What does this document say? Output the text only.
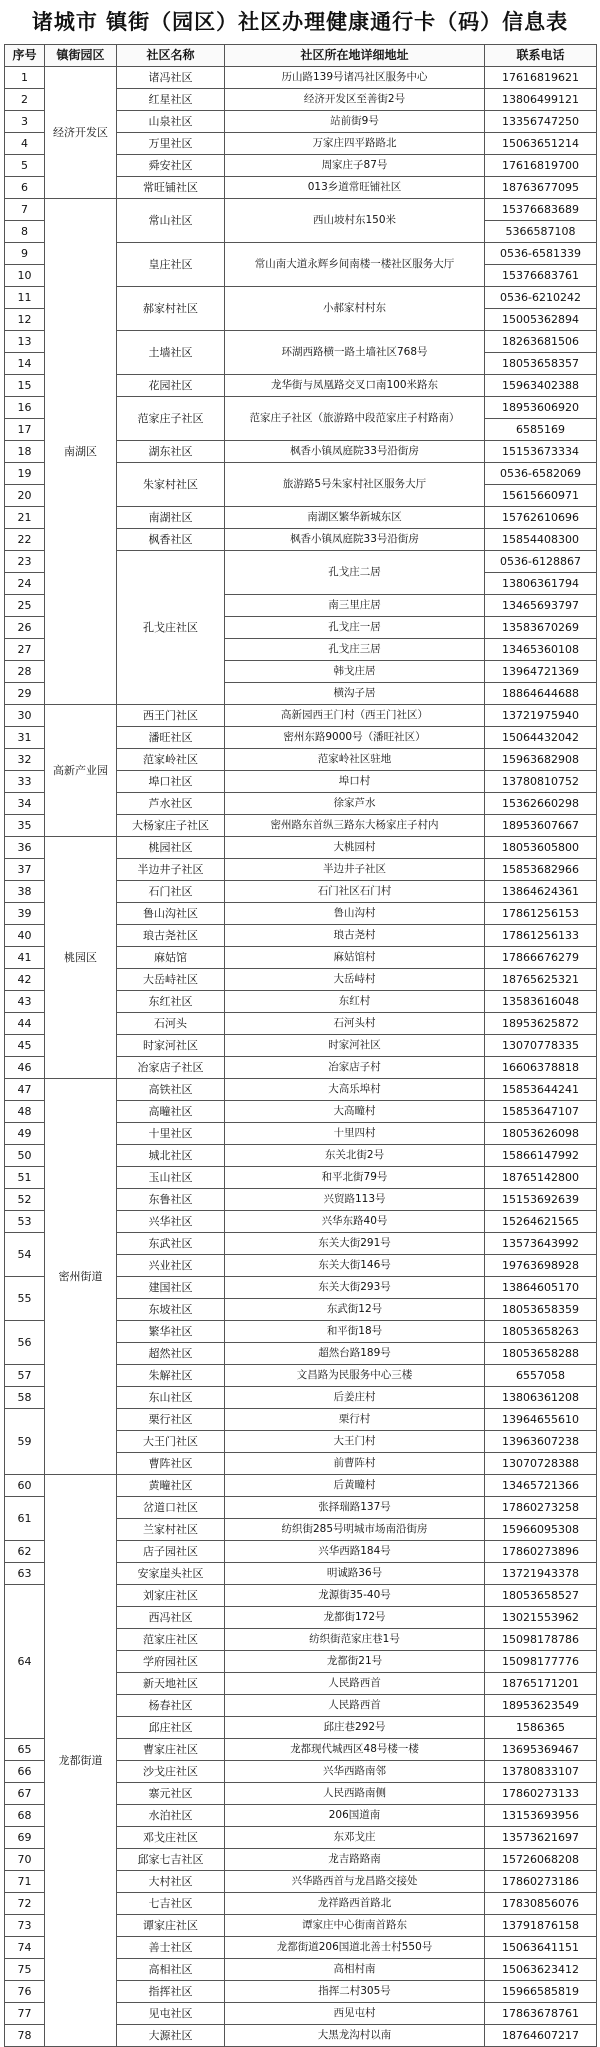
诸城市 镇街（园区）社区办理健康通行卡（码）信息表
序号	镇街园区	社区名称	社区所在地详细地址	联系电话
1	经济开发区	诸冯社区	历山路139号诸冯社区服务中心	17616819621
2		红星社区	经济开发区至善街2号	13806499121
3		山泉社区	站前街9号	13356747250
4		万里社区	万家庄四平路路北	15063651214
5		舜安社区	周家庄子87号	17616819700
6		常旺铺社区	013乡道常旺铺社区	18763677095
7	南湖区	常山社区	西山坡村东150米	15376683689
8				5366587108
9		皇庄社区	常山南大道永辉乡间南楼一楼社区服务大厅	0536-6581339
10				15376683761
11		郝家村社区	小郝家村村东	0536-6210242
12				15005362894
13		土墙社区	环湖西路横一路土墙社区768号	18263681506
14				18053658357
15		花园社区	龙华街与凤凰路交叉口南100米路东	15963402388
16		范家庄子社区	范家庄子社区（旅游路中段范家庄子村路南）	18953606920
17				6585169
18		湖东社区	枫香小镇凤庭院33号沿街房	15153673334
19		朱家村社区	旅游路5号朱家村社区服务大厅	0536-6582069
20				15615660971
21		南湖社区	南湖区繁华新城东区	15762610696
22		枫香社区	枫香小镇凤庭院33号沿街房	15854408300
23		孔戈庄社区	孔戈庄二居	0536-6128867
24				13806361794
25			南三里庄居	13465693797
26			孔戈庄一居	13583670269
27			孔戈庄三居	13465360108
28			韩戈庄居	13964721369
29			横沟子居	18864644688
30	高新产业园	西王门社区	高新园西王门村（西王门社区）	13721975940
31		潘旺社区	密州东路9000号（潘旺社区）	15064432042
32		范家岭社区	范家岭社区驻地	15963682908
33		埠口社区	埠口村	13780810752
34		芦水社区	徐家芦水	15362660298
35		大杨家庄子社区	密州路东首纵三路东大杨家庄子村内	18953607667
36	桃园区	桃园社区	大桃园村	18053605800
37		半边井子社区	半边井子社区	15853682966
38		石门社区	石门社区石门村	13864624361
39		鲁山沟社区	鲁山沟村	17861256153
40		琅古尧社区	琅古尧村	17861256133
41		麻姑馆	麻姑馆村	17866676279
42		大岳峙社区	大岳峙村	18765625321
43		东红社区	东红村	13583616048
44		石河头	石河头村	18953625872
45		时家河社区	时家河社区	13070778335
46		冶家店子社区	冶家店子村	16606378818
47	密州街道	高铁社区	大高乐埠村	15853644241
48		高疃社区	大高疃村	15853647107
49		十里社区	十里四村	18053626098
50		城北社区	东关北街2号	15866147992
51		玉山社区	和平北街79号	18765142800
52		东鲁社区	兴贸路113号	15153692639
53		兴华社区	兴华东路40号	15264621565
54		东武社区	东关大街291号	13573643992
		兴业社区	东关大街146号	19763698928
55		建国社区	东关大街293号	13864605170
		东坡社区	东武街12号	18053658359
56		繁华社区	和平街18号	18053658263
		超然社区	超然台路189号	18053658288
57		朱解社区	文昌路为民服务中心三楼	6557058
58		东山社区	后姜庄村	13806361208
59		栗行社区	栗行村	13964655610
		大王门社区	大王门村	13963607238
		曹阵社区	前曹阵村	13070728388
60	龙都街道	黄疃社区	后黄疃村	13465721366
61		岔道口社区	张择瑞路137号	17860273258
		兰家村社区	纺织街285号明城市场南沿街房	15966095308
62		店子园社区	兴华西路184号	17860273896
63		安家崖头社区	明诚路36号	13721943378
64		刘家庄社区	龙源街35-40号	18053658527
		西冯社区	龙都街172号	13021553962
		范家庄社区	纺织街范家庄巷1号	15098178786
		学府园社区	龙都街21号	15098177776
		新天地社区	人民路西首	18765171201
		杨春社区	人民路西首	18953623549
		邱庄社区	邱庄巷292号	1586365
65		曹家庄社区	龙都现代城西区48号楼一楼	13695369467
66		沙戈庄社区	兴华西路南邻	13780833107
67		寨元社区	人民西路南侧	17860273133
68		水泊社区	206国道南	13153693956
69		邓戈庄社区	东邓戈庄	13573621697
70		邱家七吉社区	龙吉路路南	15726068208
71		大村社区	兴华路西首与龙昌路交接处	17860273186
72		七吉社区	龙祥路西首路北	17830856076
73		谭家庄社区	谭家庄中心街南首路东	13791876158
74		善士社区	龙都街道206国道北善士村550号	15063641151
75		高相社区	高相村南	15063623412
76		指挥社区	指挥二村305号	15966585819
77		见屯社区	西见屯村	17863678761
78		大源社区	大黑龙沟村以南	18764607217
